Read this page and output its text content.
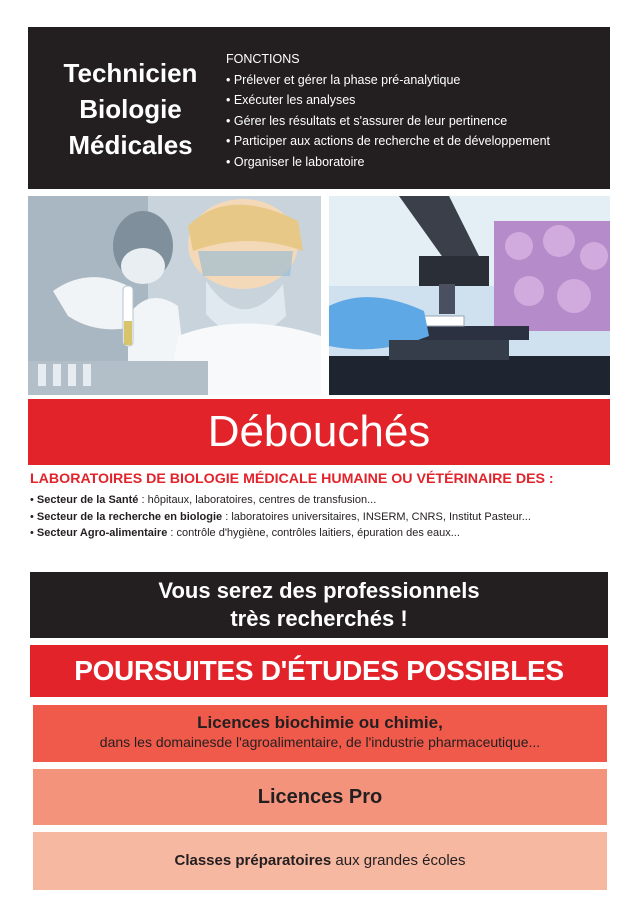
Technicien
Biologie
Médicales
FONCTIONS
• Prélever et gérer la phase pré-analytique
• Exécuter les analyses
• Gérer les résultats et s'assurer de leur pertinence
• Participer aux actions de recherche et de développement
• Organiser le laboratoire
Débouchés
LABORATOIRES DE BIOLOGIE MÉDICALE HUMAINE OU VÉTÉRINAIRE DES :
• Secteur de la Santé : hôpitaux, laboratoires, centres de transfusion...
• Secteur de la recherche en biologie : laboratoires universitaires, INSERM, CNRS, Institut Pasteur...
• Secteur Agro-alimentaire : contrôle d'hygiène, contrôles laitiers, épuration des eaux...
Vous serez des professionnels
très recherchés !
POURSUITES D'ÉTUDES POSSIBLES
Licences biochimie ou chimie,
dans les domainesde l'agroalimentaire, de l'industrie pharmaceutique...
Licences Pro
Classes préparatoires aux grandes écoles
